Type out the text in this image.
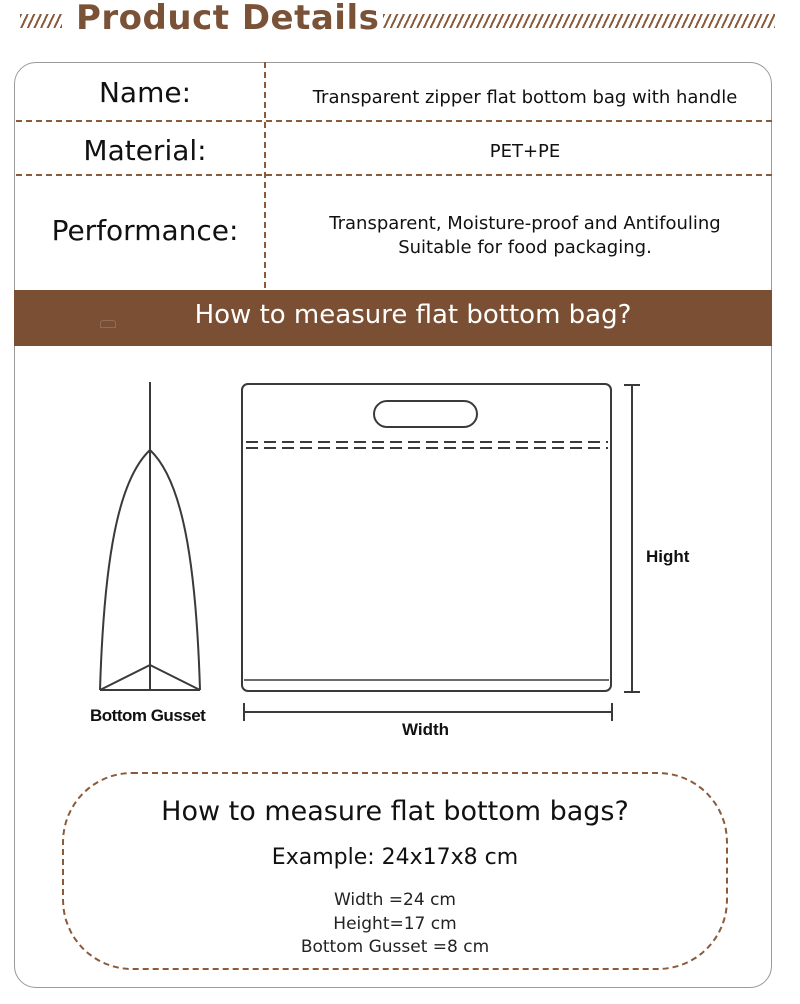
Product Details
Name:	Transparent zipper flat bottom bag with handle
Material:	PET+PE
Performance:	Transparent, Moisture-proof and Antifouling
Suitable for food packaging.
How to measure flat bottom bag?
Bottom Gusset
Width
Hight
How to measure flat bottom bags?
Example: 24x17x8 cm
Width =24 cm
Height=17 cm
Bottom Gusset =8 cm
